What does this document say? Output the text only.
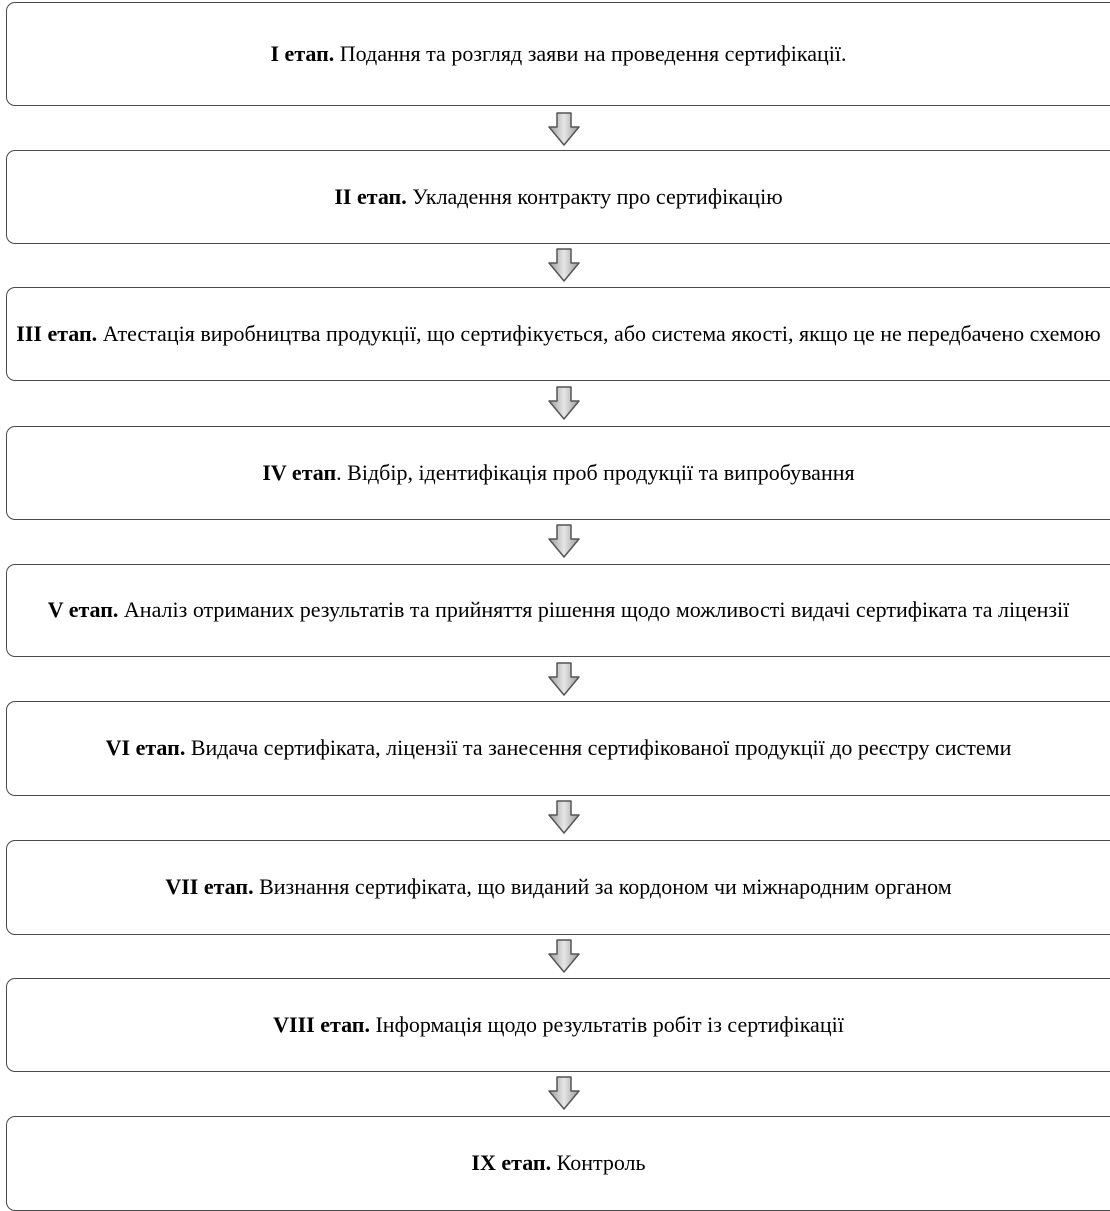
I етап. Подання та розгляд заяви на проведення сертифікації.
II етап. Укладення контракту про сертифікацію
III етап. Атестація виробництва продукції, що сертифікується, або система якості, якщо це не передбачено схемою
IV етап. Відбір, ідентифікація проб продукції та випробування
V етап. Аналіз отриманих результатів та прийняття рішення щодо можливості видачі сертифіката та ліцензії
VI етап. Видача сертифіката, ліцензії та занесення сертифікованої продукції до реєстру системи
VII етап. Визнання сертифіката, що виданий за кордоном чи міжнародним органом
VIII етап. Інформація щодо результатів робіт із сертифікації
IX етап. Контроль
